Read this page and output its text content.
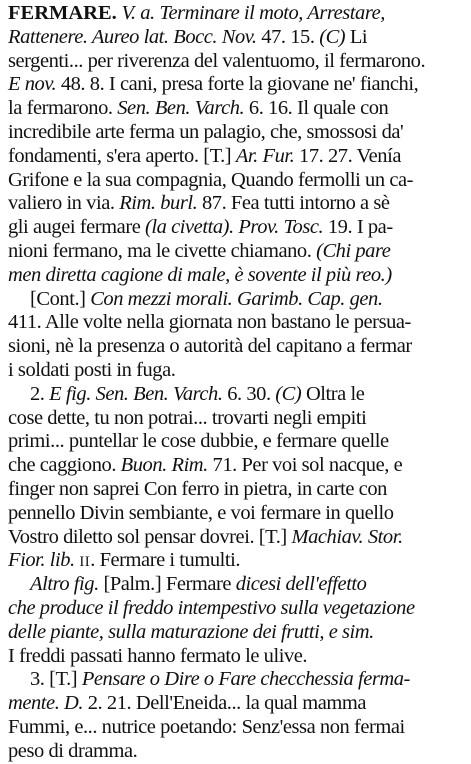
FERMARE. V. a. Terminare il moto, Arrestare,
Rattenere. Aureo lat. Bocc. Nov. 47. 15. (C) Li
sergenti... per riverenza del valentuomo, il fermarono.
E nov. 48. 8. I cani, presa forte la giovane ne' fianchi,
la fermarono. Sen. Ben. Varch. 6. 16. Il quale con
incredibile arte ferma un palagio, che, smossosi da'
fondamenti, s'era aperto. [T.] Ar. Fur. 17. 27. Venía
Grifone e la sua compagnia, Quando fermolli un ca-
valiero in via. Rim. burl. 87. Fea tutti intorno a sè
gli augei fermare (la civetta). Prov. Tosc. 19. I pa-
nioni fermano, ma le civette chiamano. (Chi pare
men diretta cagione di male, è sovente il più reo.)
[Cont.] Con mezzi morali. Garimb. Cap. gen.
411. Alle volte nella giornata non bastano le persua-
sioni, nè la presenza o autorità del capitano a fermar
i soldati posti in fuga.
2. E fig. Sen. Ben. Varch. 6. 30. (C) Oltra le
cose dette, tu non potrai... trovarti negli empiti
primi... puntellar le cose dubbie, e fermare quelle
che caggiono. Buon. Rim. 71. Per voi sol nacque, e
finger non saprei Con ferro in pietra, in carte con
pennello Divin sembiante, e voi fermare in quello
Vostro diletto sol pensar dovrei. [T.] Machiav. Stor.
Fior. lib. II. Fermare i tumulti.
Altro fig. [Palm.] Fermare dicesi dell'effetto
che produce il freddo intempestivo sulla vegetazione
delle piante, sulla maturazione dei frutti, e sim.
I freddi passati hanno fermato le ulive.
3. [T.] Pensare o Dire o Fare checchessia ferma-
mente. D. 2. 21. Dell'Eneida... la qual mamma
Fummi, e... nutrice poetando: Senz'essa non fermai
peso di dramma.
